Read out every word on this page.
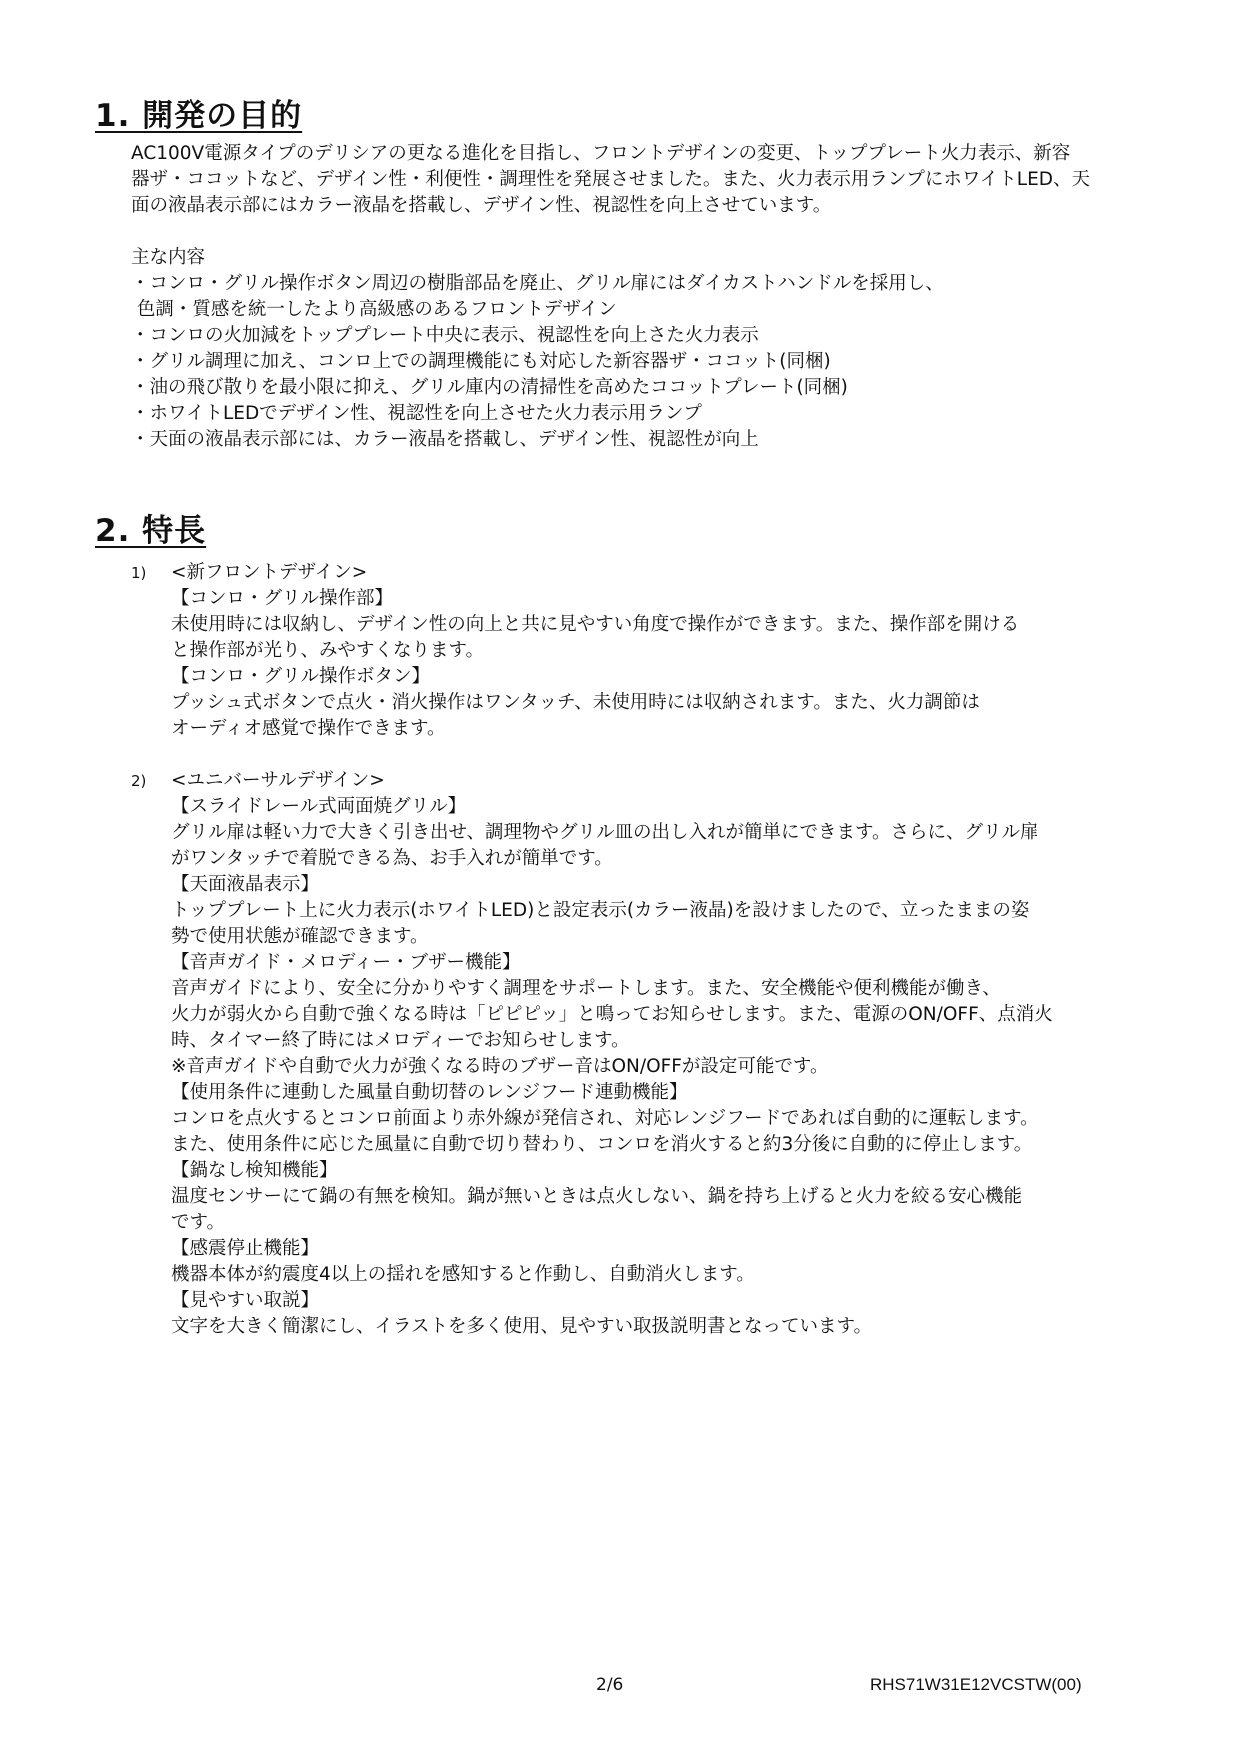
1. 開発の目的

AC100V電源タイプのデリシアの更なる進化を目指し、フロントデザインの変更、トッププレート火力表示、新容

器ザ・ココットなど、デザイン性・利便性・調理性を発展させました。また、火力表示用ランプにホワイトLED、天

面の液晶表示部にはカラー液晶を搭載し、デザイン性、視認性を向上させています。

主な内容

・コンロ・グリル操作ボタン周辺の樹脂部品を廃止、グリル扉にはダイカストハンドルを採用し、
色調・質感を統一したより高級感のあるフロントデザイン
・コンロの火加減をトッププレート中央に表示、視認性を向上さた火力表示
・グリル調理に加え、コンロ上での調理機能にも対応した新容器ザ・ココット(同梱)
・油の飛び散りを最小限に抑え、グリル庫内の清掃性を高めたココットプレート(同梱)
・ホワイトLEDでデザイン性、視認性を向上させた火力表示用ランプ
・天面の液晶表示部には、カラー液晶を搭載し、デザイン性、視認性が向上
2. 特長
1)	<新フロントデザイン>
【コンロ・グリル操作部】
未使用時には収納し、デザイン性の向上と共に見やすい角度で操作ができます。また、操作部を開ける
と操作部が光り、みやすくなります。
【コンロ・グリル操作ボタン】
プッシュ式ボタンで点火・消火操作はワンタッチ、未使用時には収納されます。また、火力調節は
オーディオ感覚で操作できます。
2)	<ユニバーサルデザイン>
【スライドレール式両面焼グリル】
グリル扉は軽い力で大きく引き出せ、調理物やグリル皿の出し入れが簡単にできます。さらに、グリル扉
がワンタッチで着脱できる為、お手入れが簡単です。
【天面液晶表示】
トッププレート上に火力表示(ホワイトLED)と設定表示(カラー液晶)を設けましたので、立ったままの姿
勢で使用状態が確認できます。
【音声ガイド・メロディー・ブザー機能】
音声ガイドにより、安全に分かりやすく調理をサポートします。また、安全機能や便利機能が働き、
火力が弱火から自動で強くなる時は「ピピピッ」と鳴ってお知らせします。また、電源のON/OFF、点消火
時、タイマー終了時にはメロディーでお知らせします。
※音声ガイドや自動で火力が強くなる時のブザー音はON/OFFが設定可能です。
【使用条件に連動した風量自動切替のレンジフード連動機能】
コンロを点火するとコンロ前面より赤外線が発信され、対応レンジフードであれば自動的に運転します。
また、使用条件に応じた風量に自動で切り替わり、コンロを消火すると約3分後に自動的に停止します。
【鍋なし検知機能】
温度センサーにて鍋の有無を検知。鍋が無いときは点火しない、鍋を持ち上げると火力を絞る安心機能
です。
【感震停止機能】
機器本体が約震度4以上の揺れを感知すると作動し、自動消火します。
【見やすい取説】
文字を大きく簡潔にし、イラストを多く使用、見やすい取扱説明書となっています。
2/6	RHS71W31E12VCSTW(00)
